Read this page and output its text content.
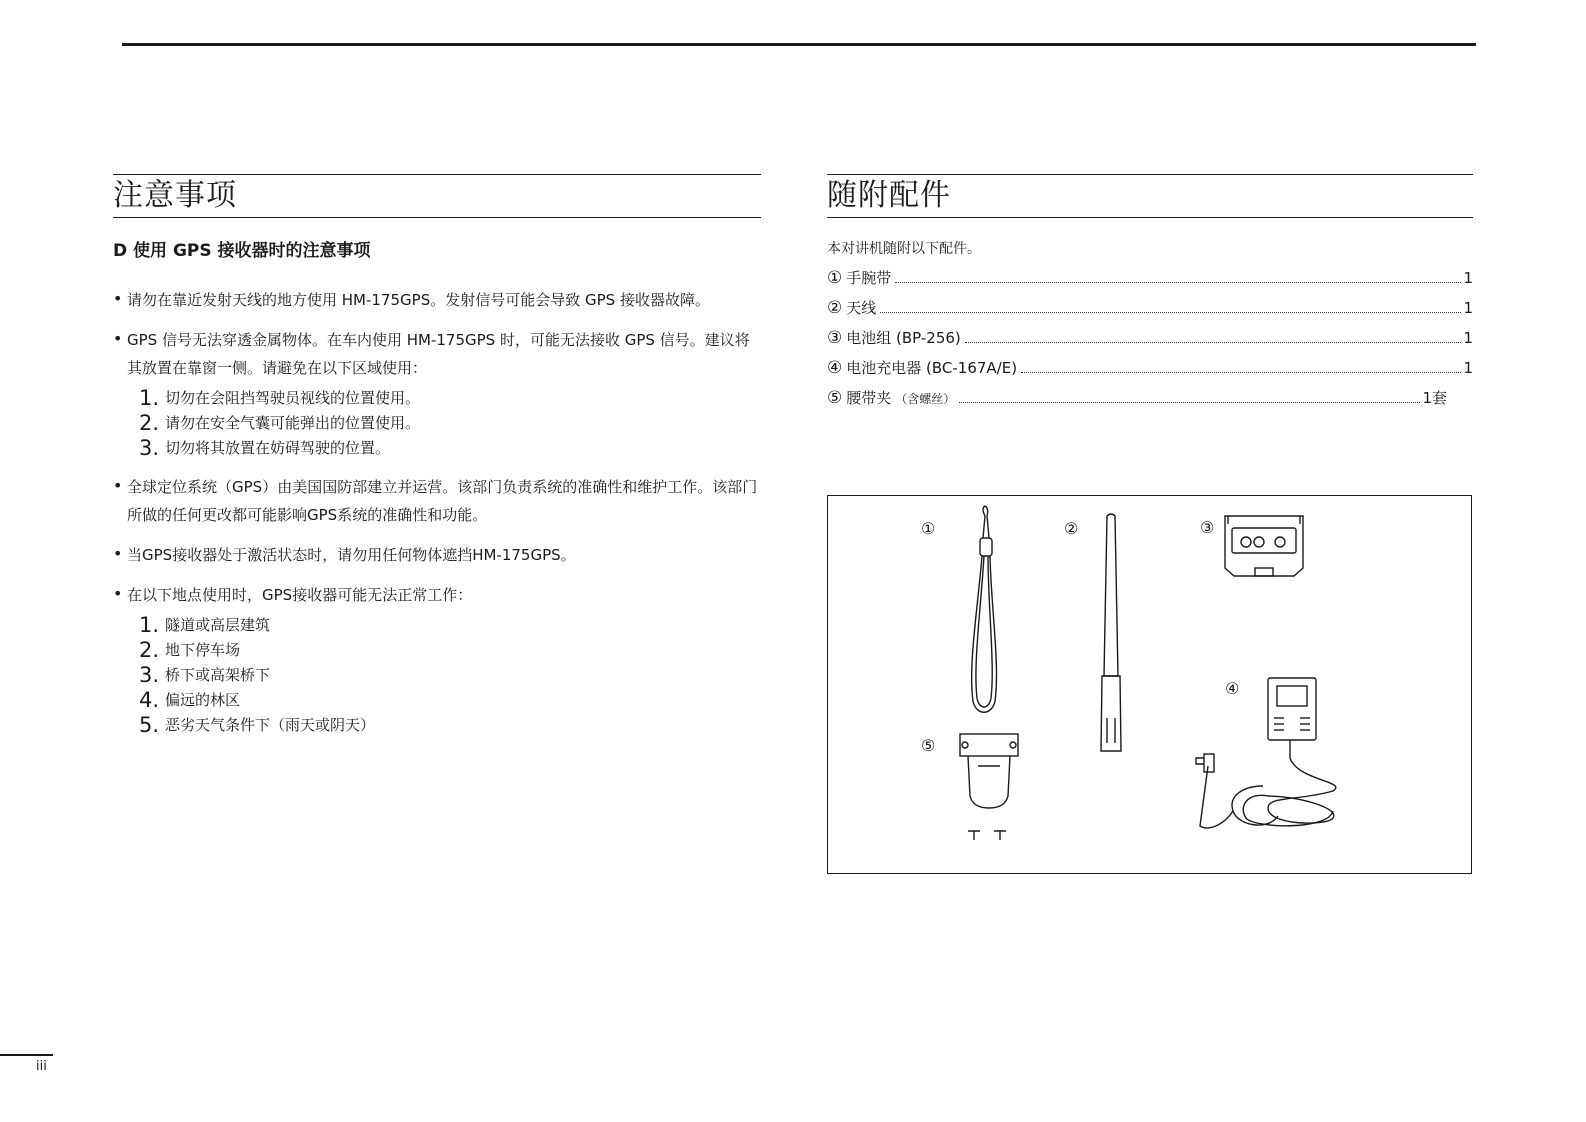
注意事项
D 使用 GPS 接收器时的注意事项
• 请勿在靠近发射天线的地方使用 HM-175GPS。发射信号可能会导致 GPS 接收器故障。
• GPS 信号无法穿透金属物体。在车内使用 HM-175GPS 时，可能无法接收 GPS 信号。建议将其放置在靠窗一侧。请避免在以下区域使用：
1. 切勿在会阻挡驾驶员视线的位置使用。
2. 请勿在安全气囊可能弹出的位置使用。
3. 切勿将其放置在妨碍驾驶的位置。
• 全球定位系统（GPS）由美国国防部建立并运营。该部门负责系统的准确性和维护工作。该部门所做的任何更改都可能影响GPS系统的准确性和功能。
• 当GPS接收器处于激活状态时，请勿用任何物体遮挡HM-175GPS。
• 在以下地点使用时，GPS接收器可能无法正常工作：
1. 隧道或高层建筑
2. 地下停车场
3. 桥下或高架桥下
4. 偏远的林区
5. 恶劣天气条件下（雨天或阴天）
随附配件
本对讲机随附以下配件。
① 手腕带	1
② 天线	1
③ 电池组 (BP-256)	1
④ 电池充电器 (BC-167A/E)	1
⑤ 腰带夹 （含螺丝）	1套
①	②	③
④
⑤
iii
